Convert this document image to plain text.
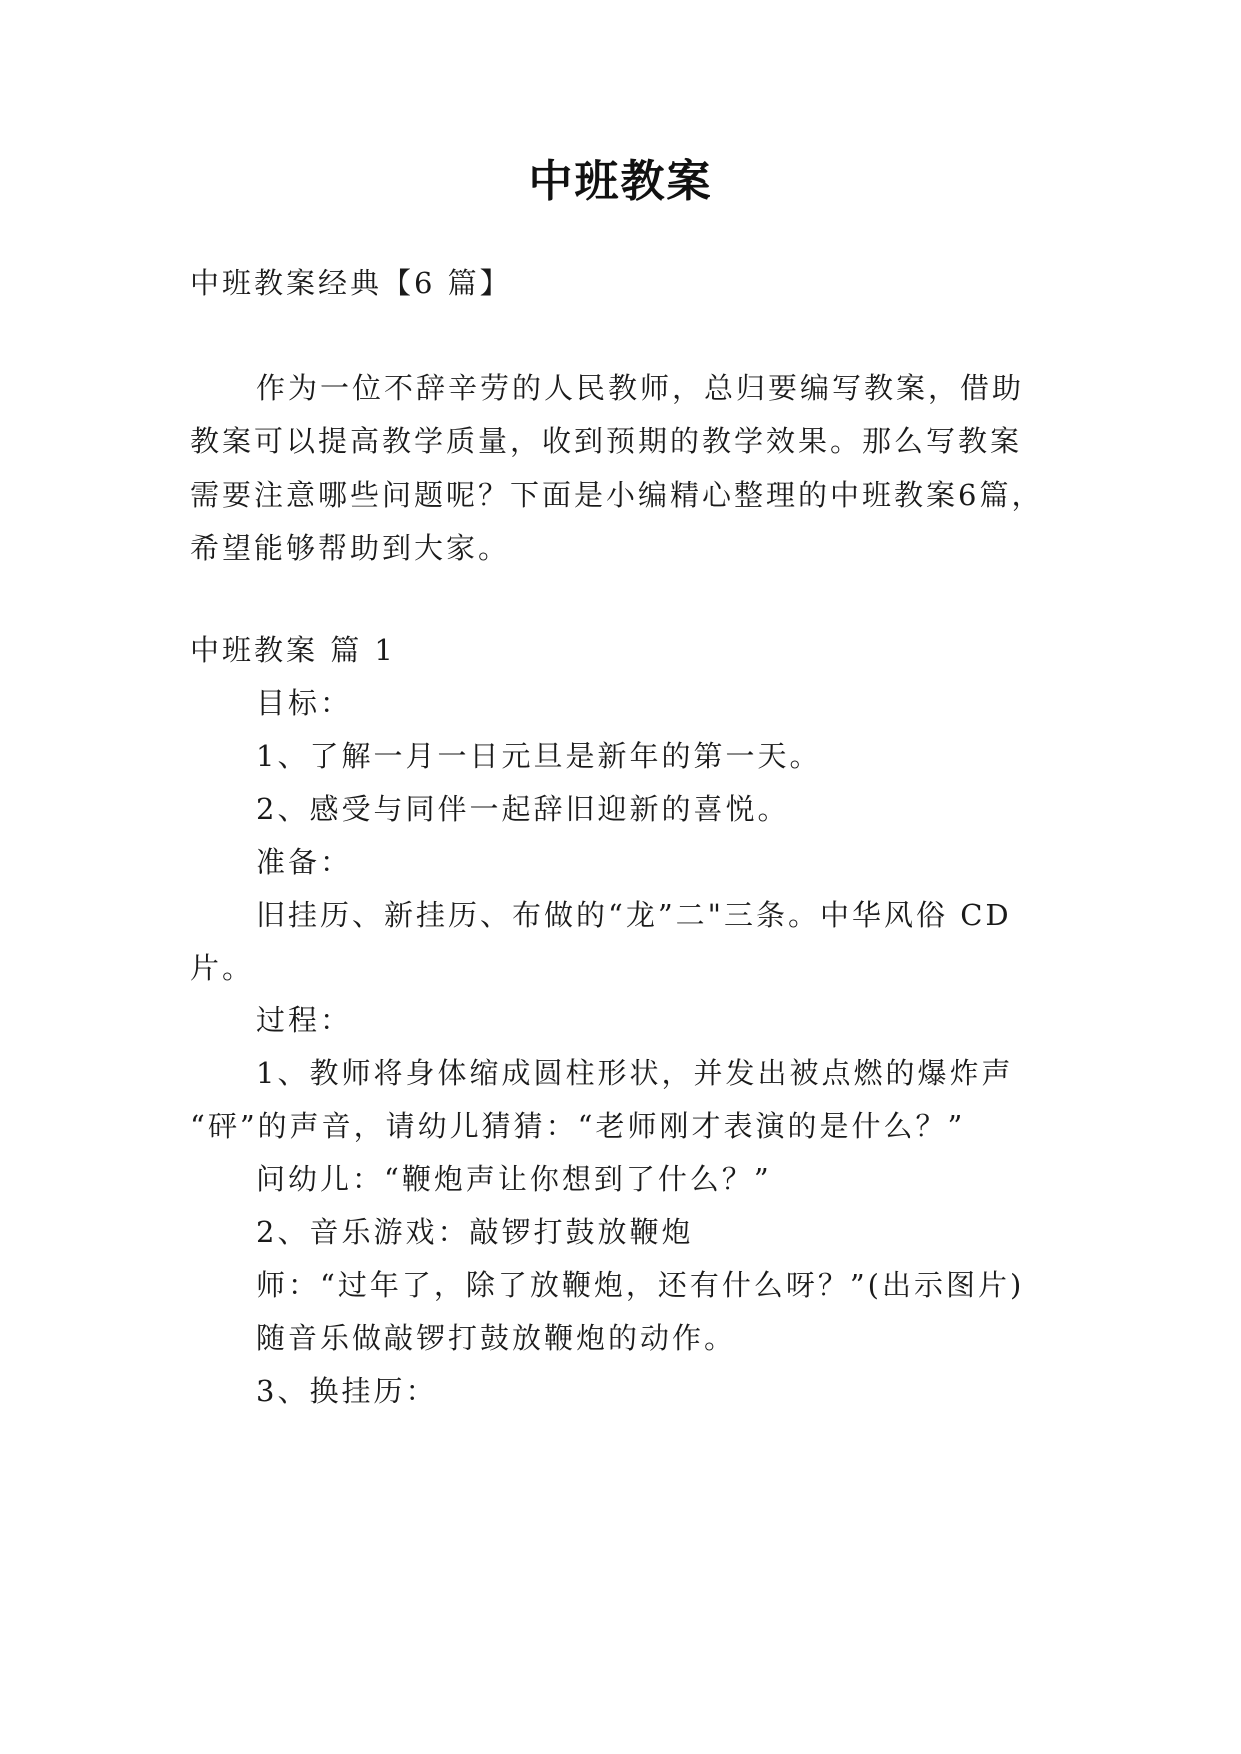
中班教案
中班教案经典【6 篇】
作为一位不辞辛劳的人民教师，总归要编写教案，借助
教案可以提高教学质量，收到预期的教学效果。那么写教案
需要注意哪些问题呢？下面是小编精心整理的中班教案6篇，
希望能够帮助到大家。
中班教案 篇 1
目标：
1、了解一月一日元旦是新年的第一天。
2、感受与同伴一起辞旧迎新的喜悦。
准备：
旧挂历、新挂历、布做的“龙”二"三条。中华风俗 CD
片。
过程：
1、教师将身体缩成圆柱形状，并发出被点燃的爆炸声
“砰”的声音，请幼儿猜猜：“老师刚才表演的是什么？”
问幼儿：“鞭炮声让你想到了什么？”
2、音乐游戏：敲锣打鼓放鞭炮
师：“过年了，除了放鞭炮，还有什么呀？”(出示图片)
随音乐做敲锣打鼓放鞭炮的动作。
3、换挂历：
